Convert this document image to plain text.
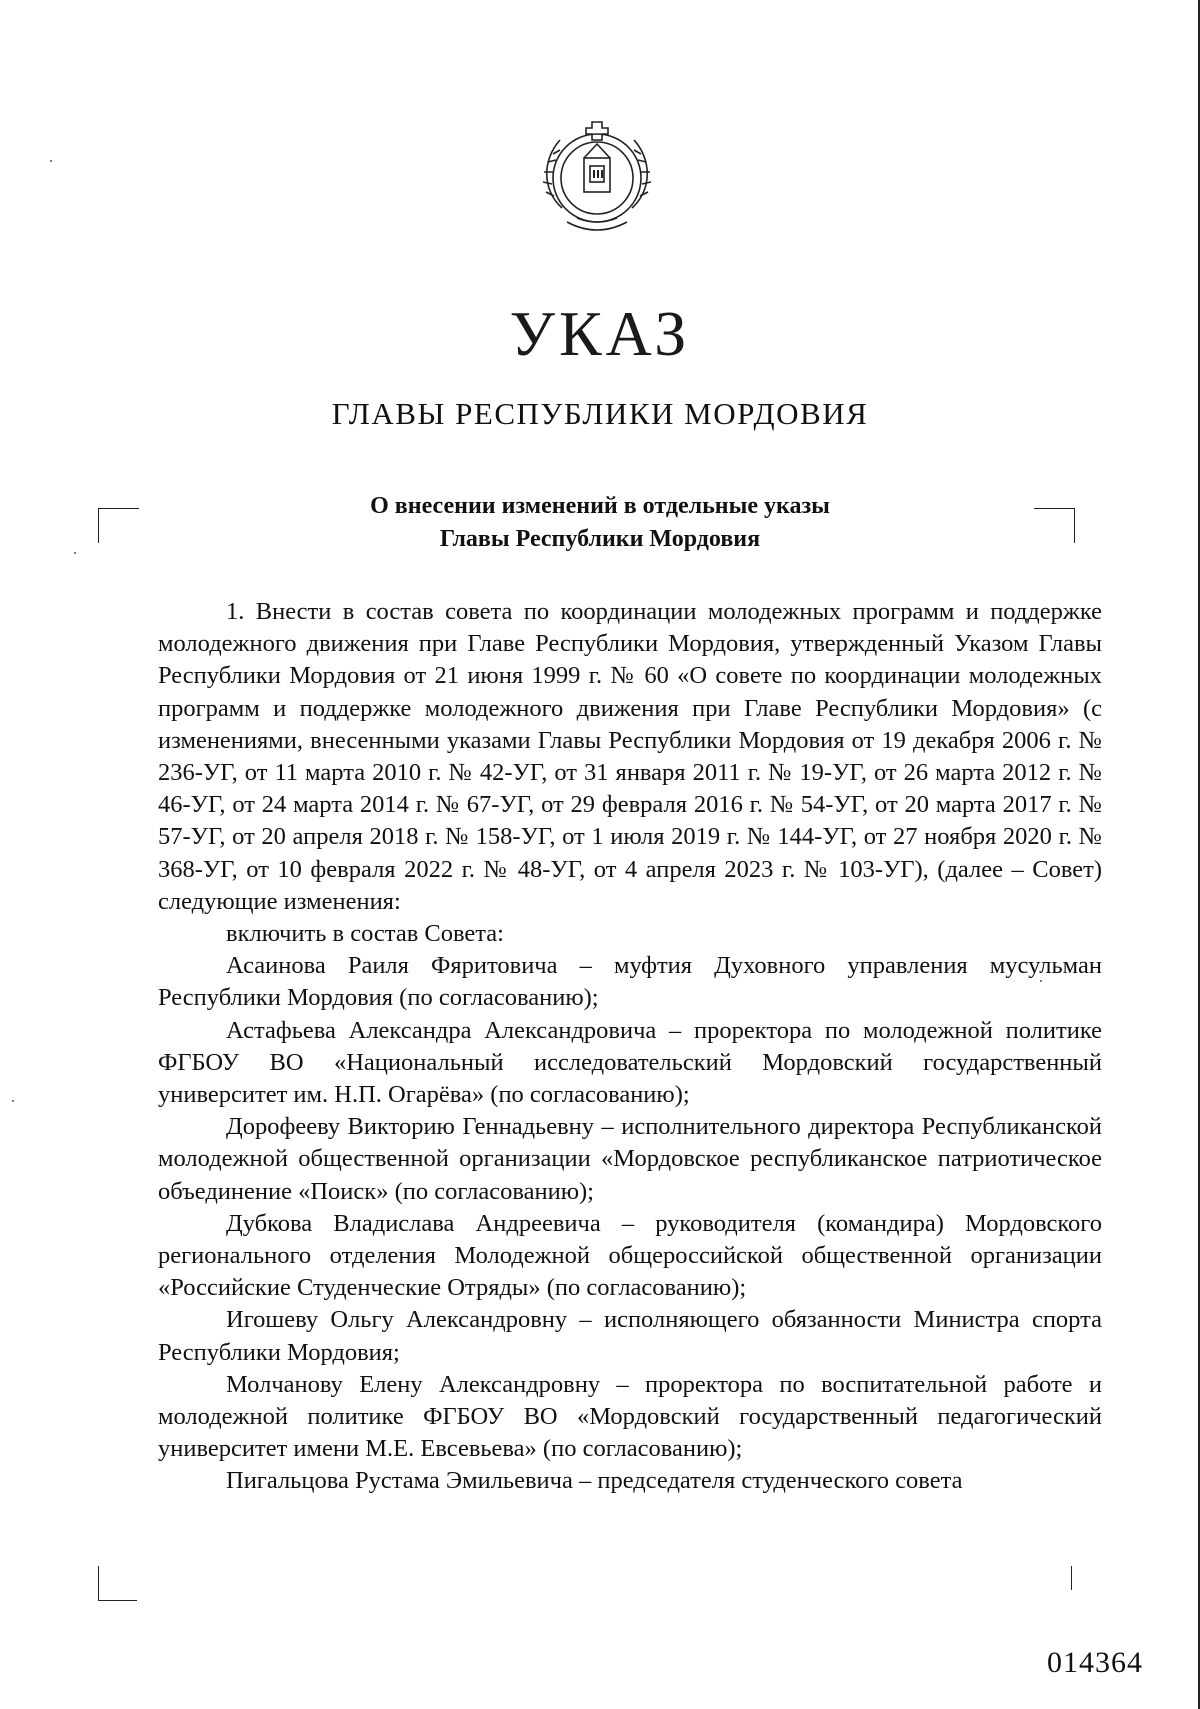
УКАЗ
ГЛАВЫ РЕСПУБЛИКИ МОРДОВИЯ
О внесении изменений в отдельные указы
Главы Республики Мордовия

1. Внести в состав совета по координации молодежных программ и поддержке молодежного движения при Главе Республики Мордовия, утвержденный Указом Главы Республики Мордовия от 21 июня 1999 г. № 60 «О совете по координации молодежных программ и поддержке молодежного движения при Главе Республики Мордовия» (с изменениями, внесенными указами Главы Республики Мордовия от 19 декабря 2006 г. № 236-УГ, от 11 марта 2010 г. № 42-УГ, от 31 января 2011 г. № 19-УГ, от 26 марта 2012 г. № 46-УГ, от 24 марта 2014 г. № 67-УГ, от 29 февраля 2016 г. № 54-УГ, от 20 марта 2017 г. № 57-УГ, от 20 апреля 2018 г. № 158-УГ, от 1 июля 2019 г. № 144-УГ, от 27 ноября 2020 г. № 368-УГ, от 10 февраля 2022 г. № 48-УГ, от 4 апреля 2023 г. № 103-УГ), (далее – Совет) следующие изменения:

включить в состав Совета:

Асаинова Раиля Фяритовича – муфтия Духовного управления мусульман Республики Мордовия (по согласованию);

Астафьева Александра Александровича – проректора по молодежной политике ФГБОУ ВО «Национальный исследовательский Мордовский государственный университет им. Н.П. Огарёва» (по согласованию);

Дорофееву Викторию Геннадьевну – исполнительного директора Республиканской молодежной общественной организации «Мордовское республиканское патриотическое объединение «Поиск» (по согласованию);

Дубкова Владислава Андреевича – руководителя (командира) Мордовского регионального отделения Молодежной общероссийской общественной организации «Российские Студенческие Отряды» (по согласованию);

Игошеву Ольгу Александровну – исполняющего обязанности Министра спорта Республики Мордовия;

Молчанову Елену Александровну – проректора по воспитательной работе и молодежной политике ФГБОУ ВО «Мордовский государственный педагогический университет имени М.Е. Евсевьева» (по согласованию);

Пигальцова Рустама Эмильевича – председателя студенческого совета

014364
